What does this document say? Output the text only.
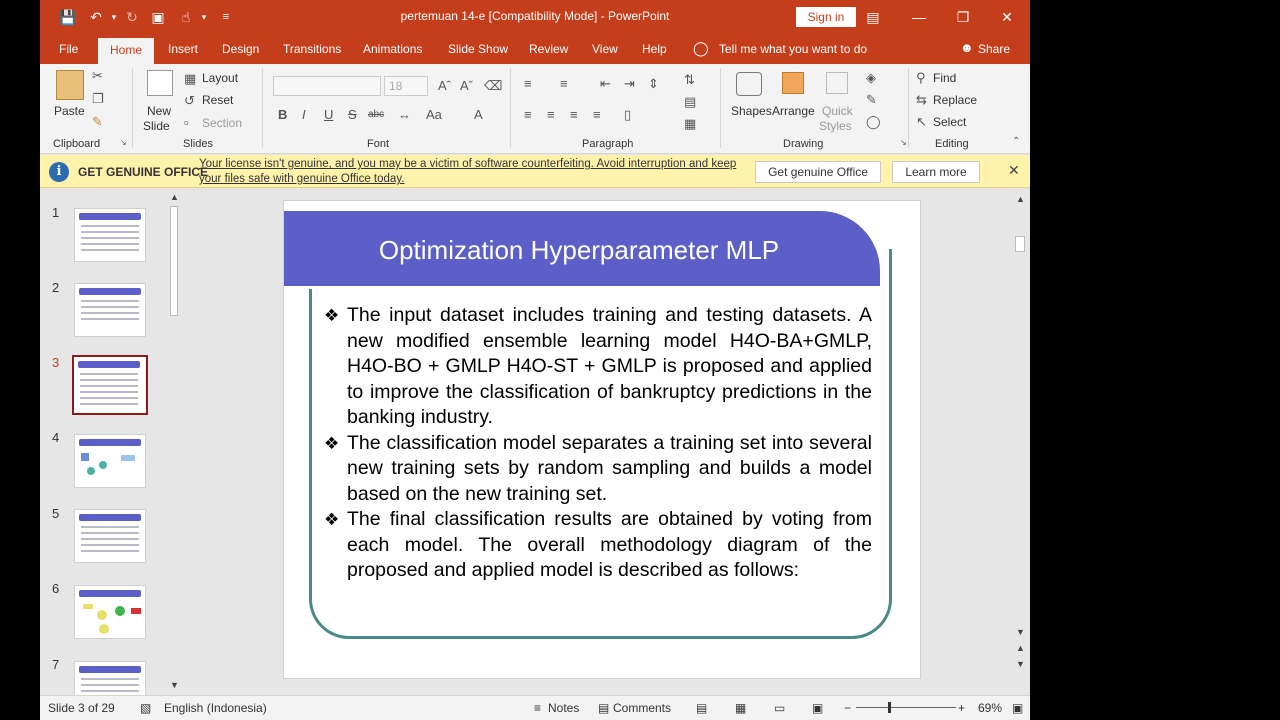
💾 ↶	▾ ↻ ▣	☝	▾	≡	pertemuan 14-e [Compatibility Mode] - PowerPoint	Sign in	▤	—	❐	✕
File	Home	Insert Design Transitions Animations Slide Show Review View Help ◯ Tell me what you want to do	☻ Share
Paste
✂
❐
✎
Clipboard ↘
New
Slide
▦ Layout
↺ Reset
▫ Section
Slides
18	Aˆ Aˇ ⌫
B I U S abc ↔ Aa A
Font
≡ ≡ ⇤ ⇥ ⇕ ⇅
▤
▦
≡ ≡ ≡ ≡ ▯
Paragraph
Shapes Arrange Quick
Styles
◈
✎
◯
Drawing	↘
⚲ Find
⇆ Replace
↖ Select
Editing	⌃
i	GET GENUINE OFFICE
Your license isn't genuine, and you may be a victim of software counterfeiting. Avoid interruption and keep your files safe with genuine Office today.	Get genuine Office	Learn more	✕
1
2
3
4
5
6
7
▲
▼
Optimization Hyperparameter MLP
❖ The input dataset includes training and testing datasets. A new modified ensemble learning model H4O-BA+GMLP, H4O-BO + GMLP H4O-ST + GMLP is proposed and applied to improve the classification of bankruptcy predictions in the banking industry.
❖ The classification model separates a training set into several new training sets by random sampling and builds a model based on the new training set.
❖ The final classification results are obtained by voting from each model. The overall methodology diagram of the proposed and applied model is described as follows:
▲
▼
▲
▼
Slide 3 of 29 ▧ English (Indonesia)	≡ Notes ▤ Comments ▤ ▦ ▭ ▣ −	+ 69% ▣
